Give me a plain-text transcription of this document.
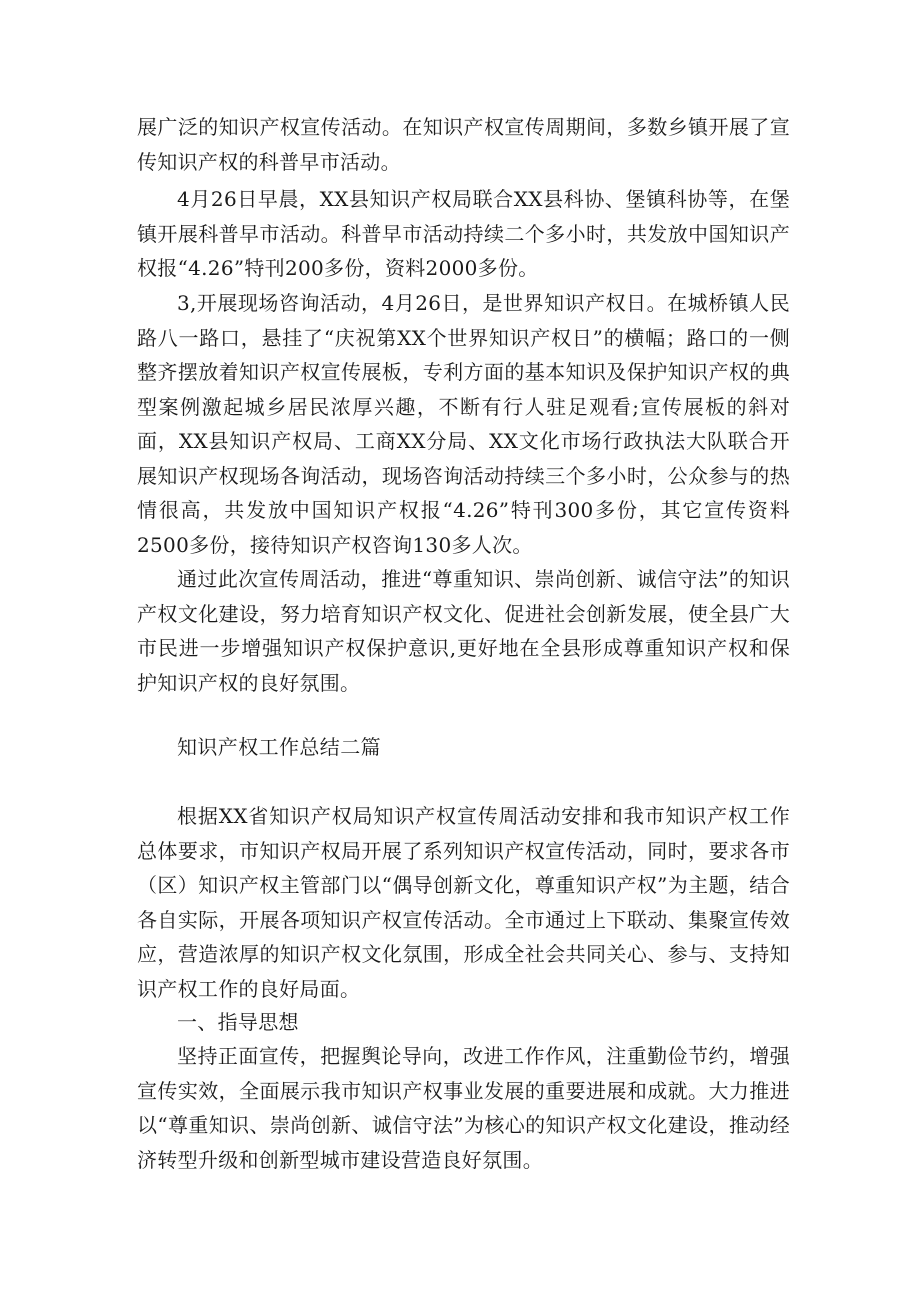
展广泛的知识产权宣传活动。在知识产权宣传周期间，多数乡镇开展了宣传知识产权的科普早市活动。

4月26日早晨，XX县知识产权局联合XX县科协、堡镇科协等，在堡镇开展科普早市活动。科普早市活动持续二个多小时，共发放中国知识产权报“4.26”特刊200多份，资料2000多份。

3,开展现场咨询活动，4月26日，是世界知识产权日。在城桥镇人民路八一路口，悬挂了“庆祝第XX个世界知识产权日”的横幅；路口的一侧整齐摆放着知识产权宣传展板，专利方面的基本知识及保护知识产权的典型案例激起城乡居民浓厚兴趣，不断有行人驻足观看;宣传展板的斜对面，XX县知识产权局、工商XX分局、XX文化市场行政执法大队联合开展知识产权现场各询活动，现场咨询活动持续三个多小时，公众参与的热情很高，共发放中国知识产权报“4.26”特刊300多份，其它宣传资料2500多份，接待知识产权咨询130多人次。

通过此次宣传周活动，推进“尊重知识、崇尚创新、诚信守法”的知识产权文化建设，努力培育知识产权文化、促进社会创新发展，使全县广大市民进一步增强知识产权保护意识,更好地在全县形成尊重知识产权和保护知识产权的良好氛围。

知识产权工作总结二篇

根据XX省知识产权局知识产权宣传周活动安排和我市知识产权工作总体要求，市知识产权局开展了系列知识产权宣传活动，同时，要求各市（区）知识产权主管部门以“偶导创新文化，尊重知识产权”为主题，结合各自实际，开展各项知识产权宣传活动。全市通过上下联动、集聚宣传效应，营造浓厚的知识产权文化氛围，形成全社会共同关心、参与、支持知识产权工作的良好局面。

一、指导思想

坚持正面宣传，把握舆论导向，改进工作作风，注重勤俭节约，增强宣传实效，全面展示我市知识产权事业发展的重要进展和成就。大力推进以“尊重知识、崇尚创新、诚信守法”为核心的知识产权文化建设，推动经济转型升级和创新型城市建设营造良好氛围。
